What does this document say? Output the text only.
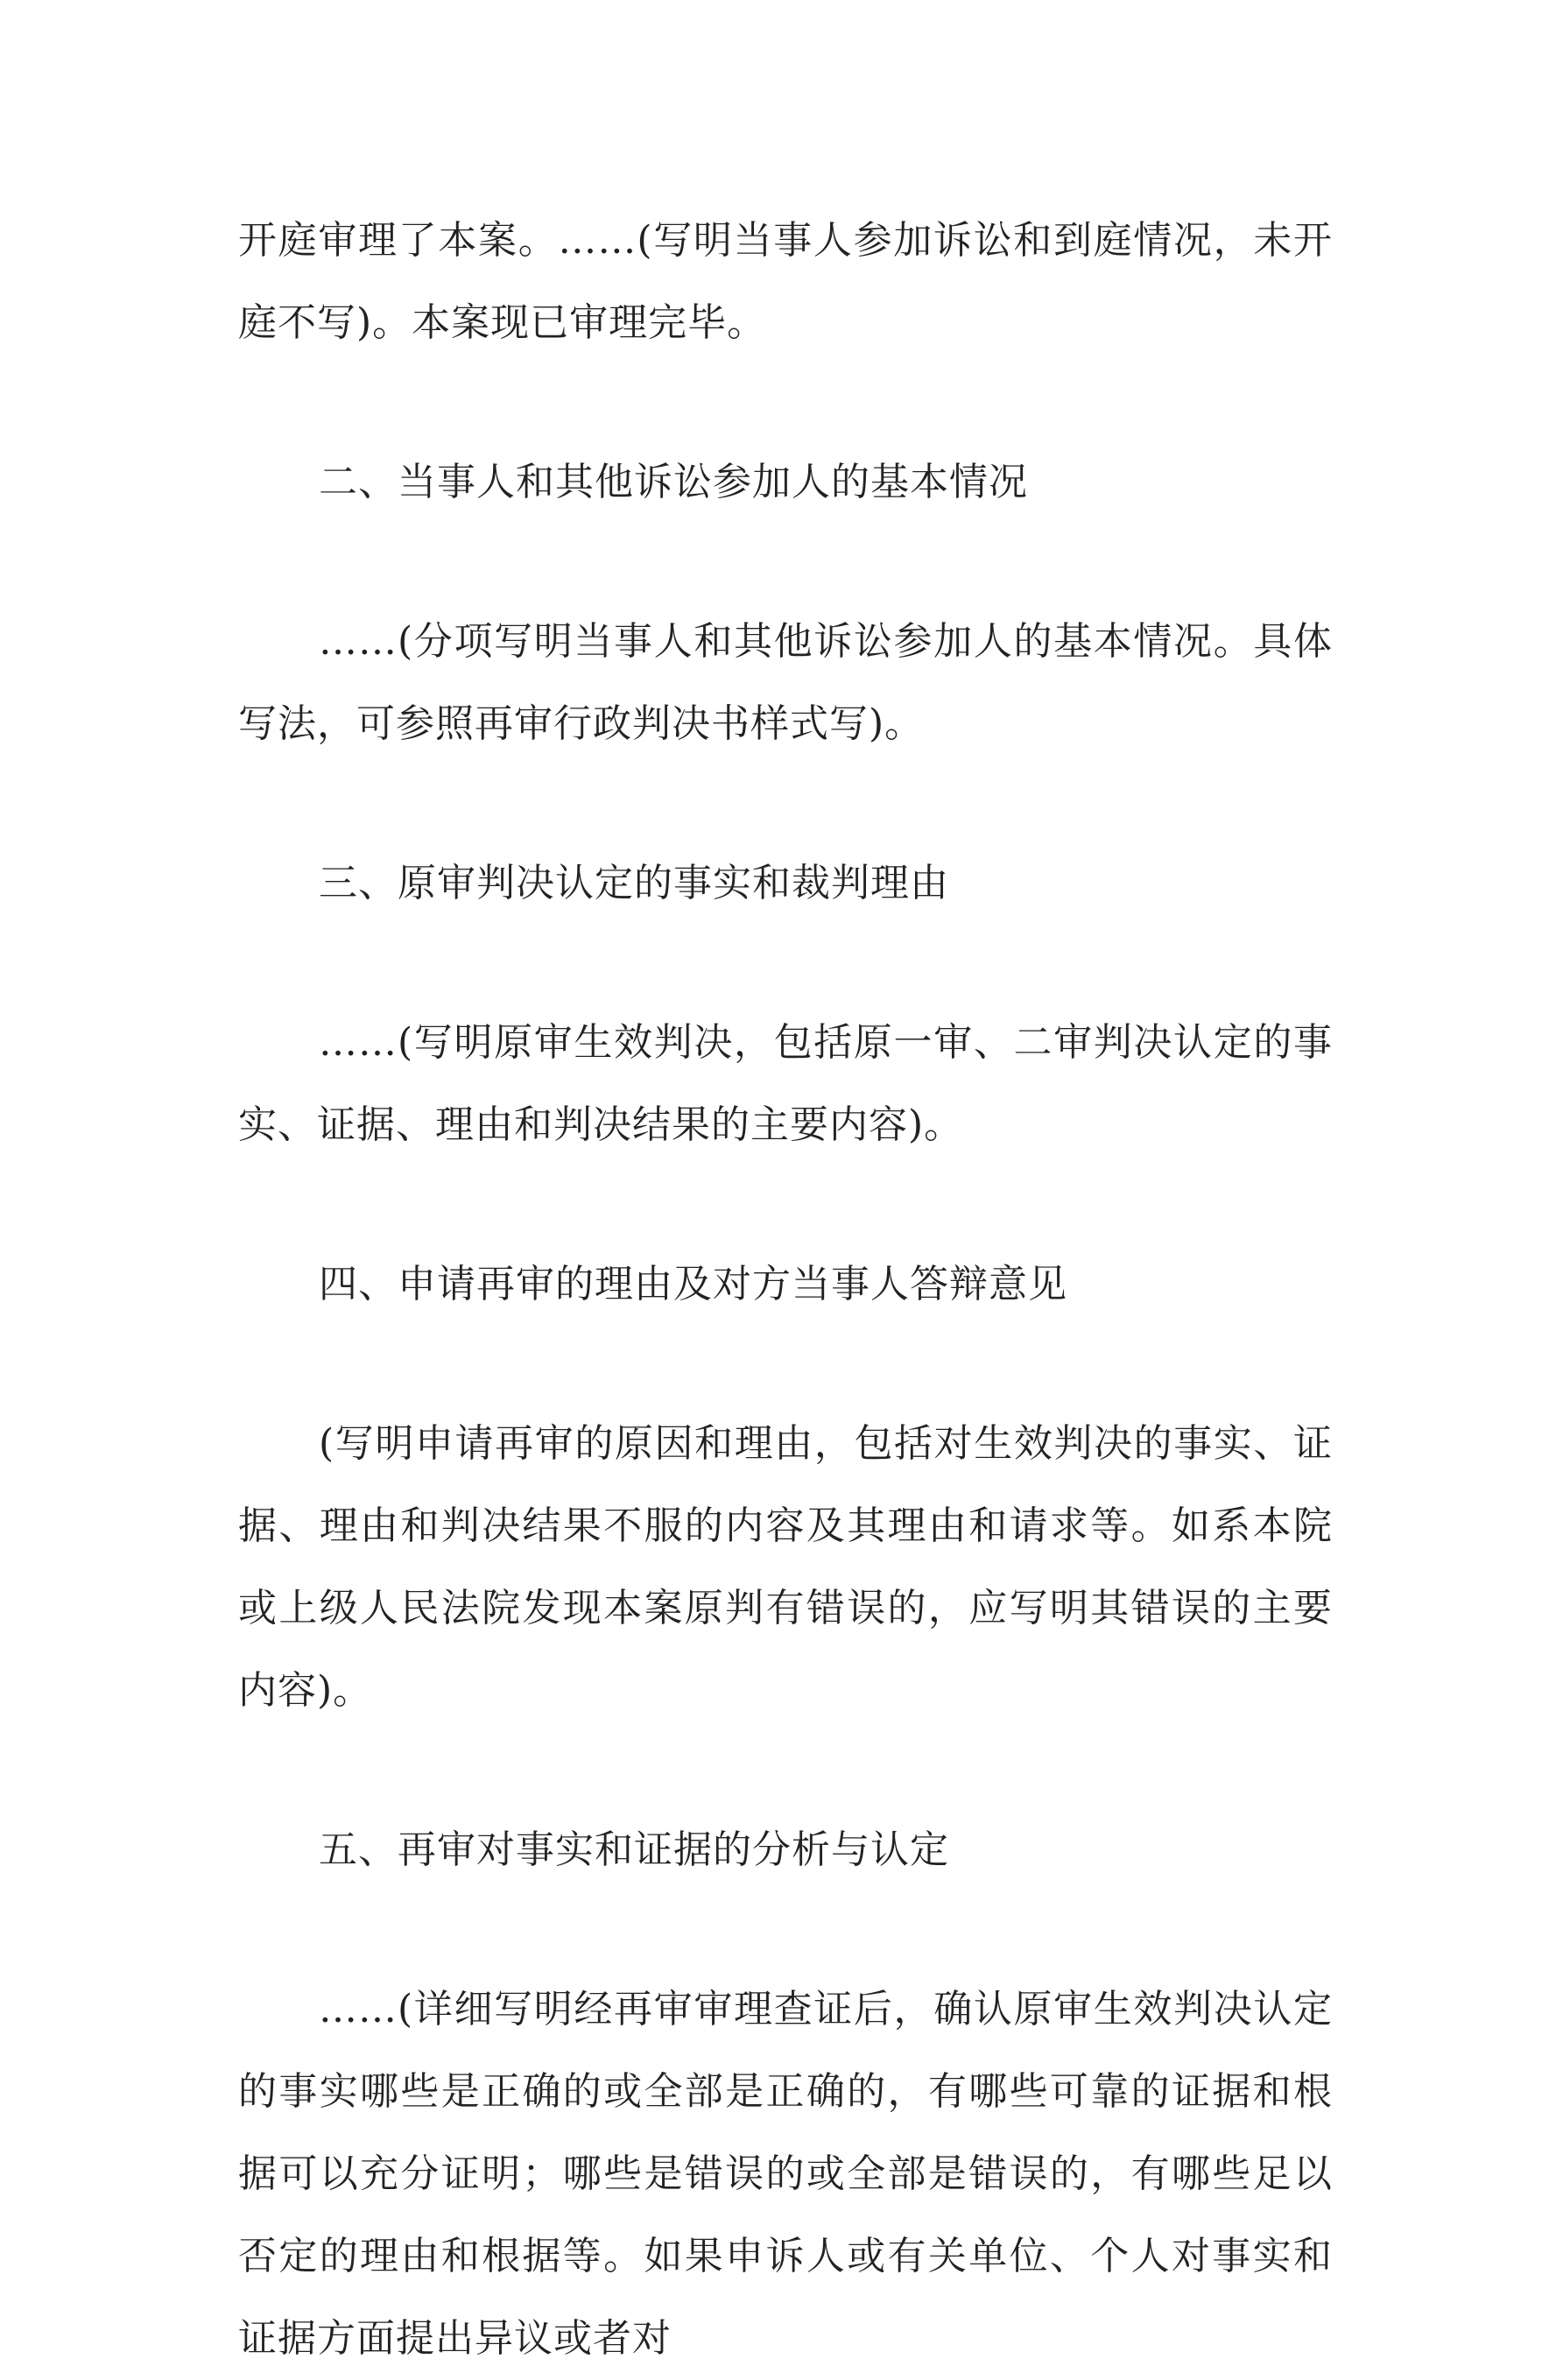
开庭审理了本案。……(写明当事人参加诉讼和到庭情况，未开庭不写)。本案现已审理完毕。

二、当事人和其他诉讼参加人的基本情况

……(分项写明当事人和其他诉讼参加人的基本情况。具体写法，可参照再审行政判决书样式写)。

三、原审判决认定的事实和裁判理由

……(写明原审生效判决，包括原一审、二审判决认定的事实、证据、理由和判决结果的主要内容)。

四、申请再审的理由及对方当事人答辩意见

(写明申请再审的原因和理由，包括对生效判决的事实、证据、理由和判决结果不服的内容及其理由和请求等。如系本院或上级人民法院发现本案原判有错误的，应写明其错误的主要内容)。

五、再审对事实和证据的分析与认定

……(详细写明经再审审理查证后，确认原审生效判决认定的事实哪些是正确的或全部是正确的，有哪些可靠的证据和根据可以充分证明；哪些是错误的或全部是错误的，有哪些足以否定的理由和根据等。如果申诉人或有关单位、个人对事实和证据方面提出异议或者对
